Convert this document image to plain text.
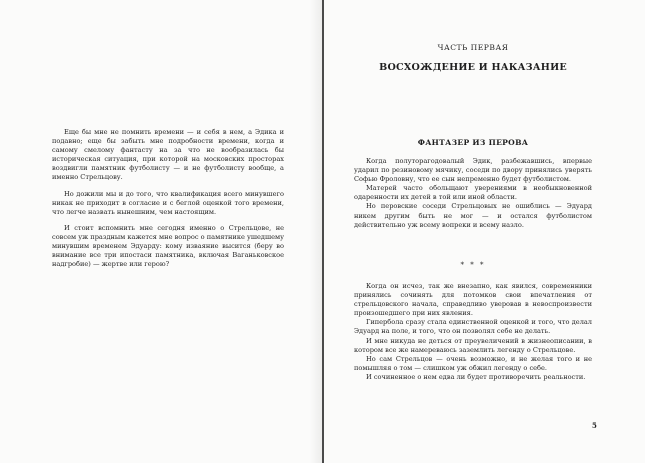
Еще бы мне не помнить времени — и себя в нем, а Эдика и подавно; еще бы забыть мне подробности времени, когда и самому смелому фантасту на за что не вообразилась бы историческая ситуация, при которой на московских просторах воздвигли памятник футболисту — и не футболисту вообще, а именно Стрельцову.

Но дожили мы и до того, что квалификация всего минувшего никак не приходит в согласие и с беглой оценкой того времени, что легче назвать нынешним, чем настоящим.

И стоит вспомнить мне сегодня именно о Стрельцове, не совсем уж праздным кажется мне вопрос о памятнике ушедшему минувшим временем Эдуарду: кому изваяние высится (беру во внимание все три ипостаси памятника, включая Ваганьковское надгробие) — жертве или герою?

ЧАСТЬ ПЕРВАЯ
ВОСХОЖДЕНИЕ И НАКАЗАНИЕ
ФАНТАЗЕР ИЗ ПЕРОВА

Когда полуторагодовалый Эдик, разбежавшись, впервые ударил по резиновому мячику, соседи по двору принялись уверять Софью Фроловну, что ее сын непременно будет футболистом.

Матерей часто обольщают уверениями в необыкновенной одаренности их детей в той или иной области.

Но перовские соседи Стрельцовых не ошиблись — Эдуард никем другим быть не мог — и остался футболистом действительно уж всему вопреки и всему назло.

* * *

Когда он исчез, так же внезапно, как явился, современники принялись сочинять для потомков свои впечатления от стрельцовского начала, справедливо уверовав в невоспроизвести произошедшего при них явления.

Гипербола сразу стала единственной оценкой и того, что делал Эдуард на поле, и того, что он позволял себе не делать.

И мне никуда не деться от преувеличений в жизнеописании, в котором все же намереваюсь заземлить легенду о Стрельцове.

Но сам Стрельцов — очень возможно, и не желая того и не помышляя о том — слишком уж обжил легенду о себе.

И сочиненное о нем едва ли будет противоречить реальности.

5
